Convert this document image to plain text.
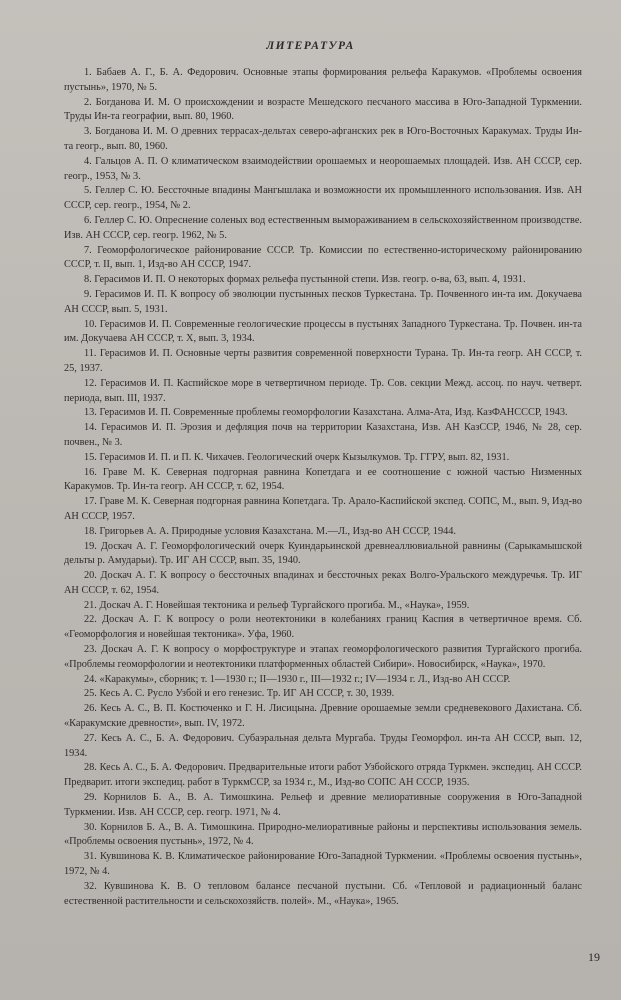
ЛИТЕРАТУРА

1. Бабаев А. Г., Б. А. Федорович. Основные этапы формирования рельефа Каракумов. «Проблемы освоения пустынь», 1970, № 5.

2. Богданова И. М. О происхождении и возрасте Мешедского песчаного массива в Юго-Западной Туркмении. Труды Ин-та географии, вып. 80, 1960.

3. Богданова И. М. О древних террасах-дельтах северо-афганских рек в Юго-Восточных Каракумах. Труды Ин-та геогр., вып. 80, 1960.

4. Гальцов А. П. О климатическом взаимодействии орошаемых и неорошаемых площадей. Изв. АН СССР, сер. геогр., 1953, № 3.

5. Геллер С. Ю. Бессточные впадины Мангышлака и возможности их промышленного использования. Изв. АН СССР, сер. геогр., 1954, № 2.

6. Геллер С. Ю. Опреснение соленых вод естественным вымораживанием в сельскохозяйственном производстве. Изв. АН СССР, сер. геогр. 1962, № 5.

7. Геоморфологическое районирование СССР. Тр. Комиссии по естественно-историческому районированию СССР, т. II, вып. 1, Изд-во АН СССР, 1947.

8. Герасимов И. П. О некоторых формах рельефа пустынной степи. Изв. геогр. о-ва, 63, вып. 4, 1931.

9. Герасимов И. П. К вопросу об эволюции пустынных песков Туркестана. Тр. Почвенного ин-та им. Докучаева АН СССР, вып. 5, 1931.

10. Герасимов И. П. Современные геологические процессы в пустынях Западного Туркестана. Тр. Почвен. ин-та им. Докучаева АН СССР, т. X, вып. 3, 1934.

11. Герасимов И. П. Основные черты развития современной поверхности Турана. Тр. Ин-та геогр. АН СССР, т. 25, 1937.

12. Герасимов И. П. Каспийское море в четвертичном периоде. Тр. Сов. секции Межд. ассоц. по науч. четверт. периода, вып. III, 1937.

13. Герасимов И. П. Современные проблемы геоморфологии Казахстана. Алма-Ата, Изд. КазФАНСССР, 1943.

14. Герасимов И. П. Эрозия и дефляция почв на территории Казахстана, Изв. АН КазССР, 1946, № 28, сер. почвен., № 3.

15. Герасимов И. П. и П. К. Чихачев. Геологический очерк Кызылкумов. Тр. ГГРУ, вып. 82, 1931.

16. Граве М. К. Северная подгорная равнина Копетдага и ее соотношение с южной частью Низменных Каракумов. Тр. Ин-та геогр. АН СССР, т. 62, 1954.

17. Граве М. К. Северная подгорная равнина Копетдага. Тр. Арало-Каспийской экспед. СОПС, М., вып. 9, Изд-во АН СССР, 1957.

18. Григорьев А. А. Природные условия Казахстана. М.—Л., Изд-во АН СССР, 1944.

19. Доскач А. Г. Геоморфологический очерк Куиндарьинской древнеаллювиальной равнины (Сарыкамышской дельты р. Амударьи). Тр. ИГ АН СССР, вып. 35, 1940.

20. Доскач А. Г. К вопросу о бессточных впадинах и бессточных реках Волго-Уральского междуречья. Тр. ИГ АН СССР, т. 62, 1954.

21. Доскач А. Г. Новейшая тектоника и рельеф Тургайского прогиба. М., «Наука», 1959.

22. Доскач А. Г. К вопросу о роли неотектоники в колебаниях границ Каспия в четвертичное время. Сб. «Геоморфология и новейшая тектоника». Уфа, 1960.

23. Доскач А. Г. К вопросу о морфоструктуре и этапах геоморфологического развития Тургайского прогиба. «Проблемы геоморфологии и неотектоники платформенных областей Сибири». Новосибирск, «Наука», 1970.

24. «Каракумы», сборник; т. 1—1930 г.; II—1930 г., III—1932 г.; IV—1934 г. Л., Изд-во АН СССР.

25. Кесь А. С. Русло Узбой и его генезис. Тр. ИГ АН СССР, т. 30, 1939.

26. Кесь А. С., В. П. Костюченко и Г. Н. Лисицына. Древние орошаемые земли средневекового Дахистана. Сб. «Каракумские древности», вып. IV, 1972.

27. Кесь А. С., Б. А. Федорович. Субаэральная дельта Мургаба. Труды Геоморфол. ин-та АН СССР, вып. 12, 1934.

28. Кесь А. С., Б. А. Федорович. Предварительные итоги работ Узбойского отряда Туркмен. экспедиц. АН СССР. Предварит. итоги экспедиц. работ в ТуркмССР, за 1934 г., М., Изд-во СОПС АН СССР, 1935.

29. Корнилов Б. А., В. А. Тимошкина. Рельеф и древние мелиоративные сооружения в Юго-Западной Туркмении. Изв. АН СССР, сер. геогр. 1971, № 4.

30. Корнилов Б. А., В. А. Тимошкина. Природно-мелиоративные районы и перспективы использования земель. «Проблемы освоения пустынь», 1972, № 4.

31. Кувшинова К. В. Климатическое районирование Юго-Западной Туркмении. «Проблемы освоения пустынь», 1972, № 4.

32. Кувшинова К. В. О тепловом балансе песчаной пустыни. Сб. «Тепловой и радиационный баланс естественной растительности и сельскохозяйств. полей». М., «Наука», 1965.

19
